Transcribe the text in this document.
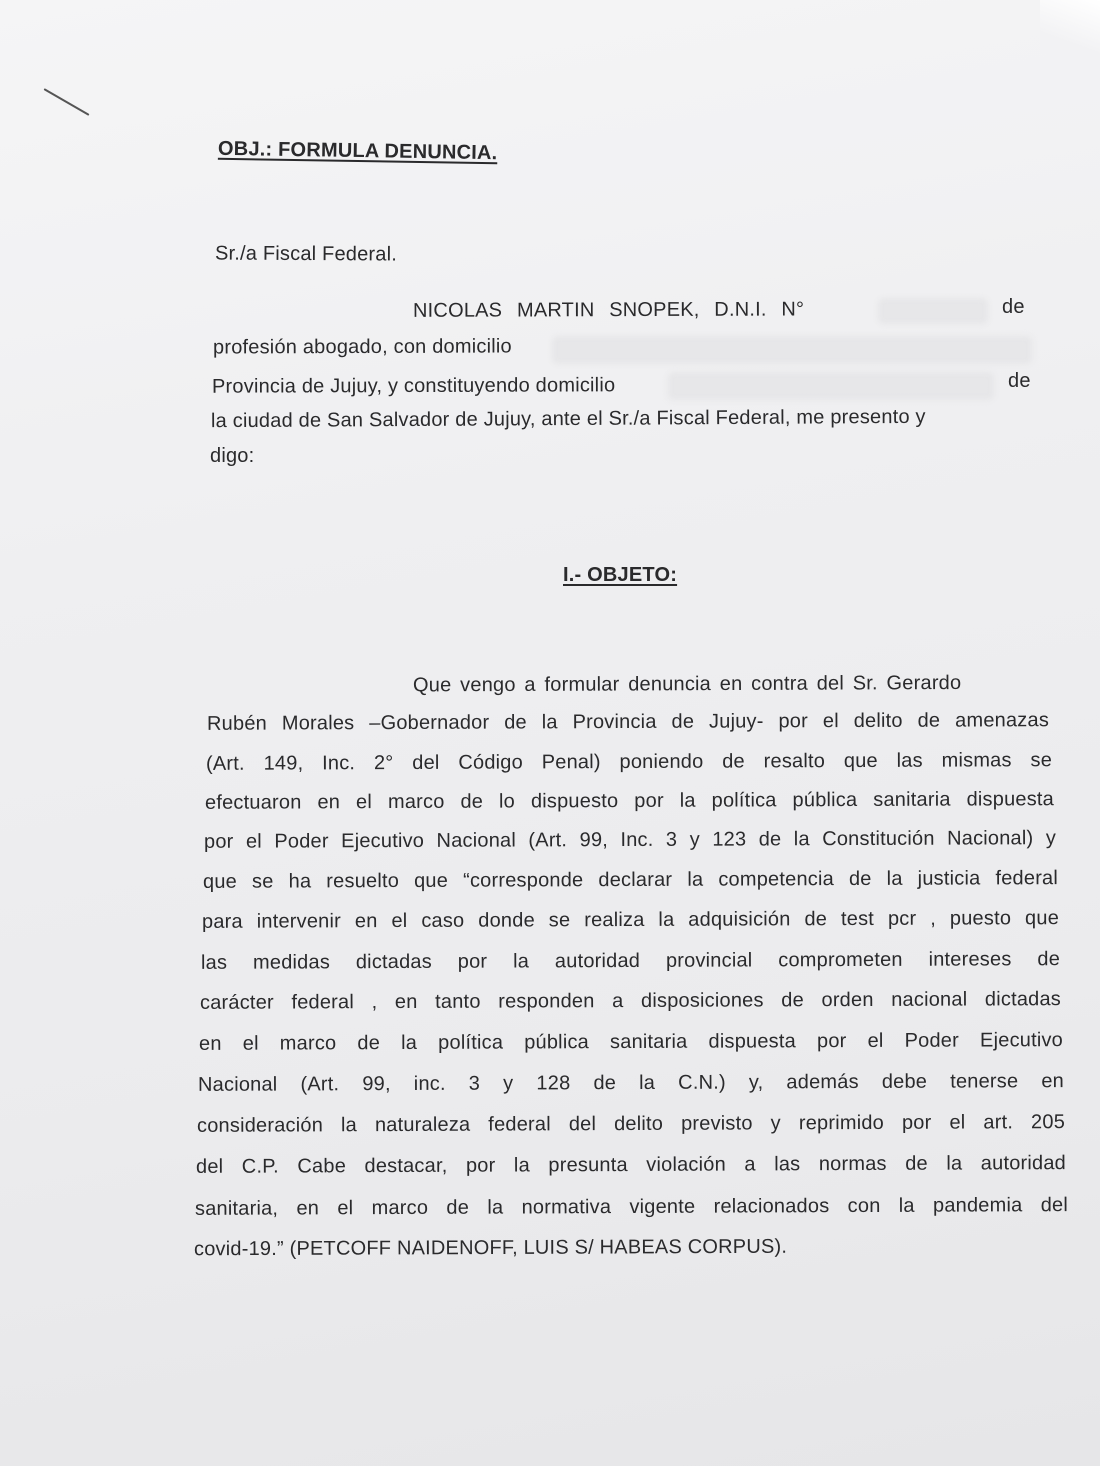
OBJ.: FORMULA DENUNCIA.
Sr./a Fiscal Federal.
NICOLAS MARTIN SNOPEK, D.N.I. N°	de
profesión abogado, con domicilio
Provincia de Jujuy, y constituyendo domicilio	de
la ciudad de San Salvador de Jujuy, ante el Sr./a Fiscal Federal, me presento y
digo:
I.- OBJETO:
Que vengo a formular denuncia en contra del Sr. Gerardo
Rubén Morales –Gobernador de la Provincia de Jujuy- por el delito de amenazas
(Art. 149, Inc. 2° del Código Penal) poniendo de resalto que las mismas se
efectuaron en el marco de lo dispuesto por la política pública sanitaria dispuesta
por el Poder Ejecutivo Nacional (Art. 99, Inc. 3 y 123 de la Constitución Nacional) y
que se ha resuelto que “corresponde declarar la competencia de la justicia federal
para intervenir en el caso donde se realiza la adquisición de test pcr , puesto que
las medidas dictadas por la autoridad provincial comprometen intereses de
carácter federal , en tanto responden a disposiciones de orden nacional dictadas
en el marco de la política pública sanitaria dispuesta por el Poder Ejecutivo
Nacional (Art. 99, inc. 3 y 128 de la C.N.) y, además debe tenerse en
consideración la naturaleza federal del delito previsto y reprimido por el art. 205
del C.P. Cabe destacar, por la presunta violación a las normas de la autoridad
sanitaria, en el marco de la normativa vigente relacionados con la pandemia del
covid-19.” (PETCOFF NAIDENOFF, LUIS S/ HABEAS CORPUS).
